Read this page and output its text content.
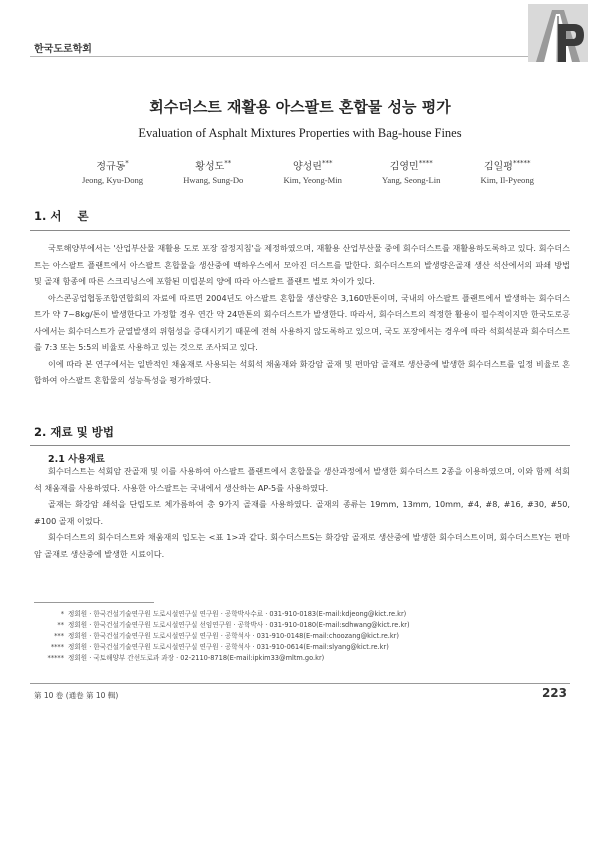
한국도로학회
회수더스트 재활용 아스팔트 혼합물 성능 평가
Evaluation of Asphalt Mixtures Properties with Bag-house Fines
정규동*
Jeong, Kyu-Dong
황성도**
Hwang, Sung-Do
양성린***
Kim, Yeong-Min
김영민****
Yang, Seong-Lin
김일평*****
Kim, Il-Pyeong
1. 서    론

국토해양부에서는 '산업부산물 재활용 도로 포장 잠정지침'을 제정하였으며, 재활용 산업부산물 중에 회수더스트를 재활용하도록하고 있다. 회수더스트는 아스팔트 플랜트에서 아스팔트 혼합물을 생산중에 백하우스에서 모아진 더스트를 말한다. 회수더스트의 발생량은골재 생산 석산에서의 파쇄 방법 및 골재 함종에 따른 스크리닝스에 포함된 미립분의 양에 따라 아스팔트 플랜트 별로 차이가 있다.

아스콘공업협동조합연합회의 자료에 따르면 2004년도 아스팔트 혼합물 생산량은 3,160만톤이며, 국내의 아스팔트 플랜트에서 발생하는 회수더스트가 약 7~8kg/톤이 발생한다고 가정할 경우 연간 약 24만톤의 회수더스트가 발생한다. 따라서, 회수더스트의 적정한 활용이 필수적이지만 한국도로공사에서는 회수더스트가 균열발생의 위험성을 증대시키기 때문에 전혀 사용하지 않도록하고 있으며, 국도 포장에서는 경우에 따라 석회석분과 회수더스트를 7:3 또는 5:5의 비율로 사용하고 있는 것으로 조사되고 있다.

이에 따라 본 연구에서는 일반적인 채움재로 사용되는 석회석 채움재와 화강암 골재 및 편마암 골재로 생산중에 발생한 회수더스트를 일정 비율로 혼합하여 아스팔트 혼합물의 성능특성을 평가하였다.

2. 재료 및 방법
2.1 사용재료

회수더스트는 석회암 잔골재 및 이를 사용하여 아스팔트 플랜트에서 혼합물을 생산과정에서 발생한 회수더스트 2종을 이용하였으며, 이와 함께 석회석 채움재를 사용하였다. 사용한 아스팔트는 국내에서 생산하는 AP-5를 사용하였다.

골재는 화강암 쇄석을 단립도로 체가름하여 총 9가지 골재를 사용하였다. 골재의 종류는 19mm, 13mm, 10mm, #4, #8, #16, #30, #50, #100 골재 이었다.

회수더스트의 회수더스트와 채움재의 입도는 <표 1>과 같다. 회수더스트S는 화강암 골재로 생산중에 발생한 회수더스트이며, 회수더스트Y는 편마암 골재로 생산중에 발생한 시료이다.

* 정회원 · 한국건설기술연구원 도로시설연구실 연구원 · 공학박사수료 · 031-910-0183(E-mail:kdjeong@kict.re.kr)
** 정회원 · 한국건설기술연구원 도로시설연구실 선임연구원 · 공학박사 · 031-910-0180(E-mail:sdhwang@kict.re.kr)
*** 정회원 · 한국건설기술연구원 도로시설연구실 연구원 · 공학석사 · 031-910-0148(E-mail:choozang@kict.re.kr)
**** 정회원 · 한국건설기술연구원 도로시설연구실 연구원 · 공학석사 · 031-910-0614(E-mail:slyang@kict.re.kr)
***** 정회원 · 국토해양부 간선도로과 과장 · 02-2110-8718(E-mail:ipkim33@mltm.go.kr)
第 10 卷 (通卷 第 10 輯)	223
